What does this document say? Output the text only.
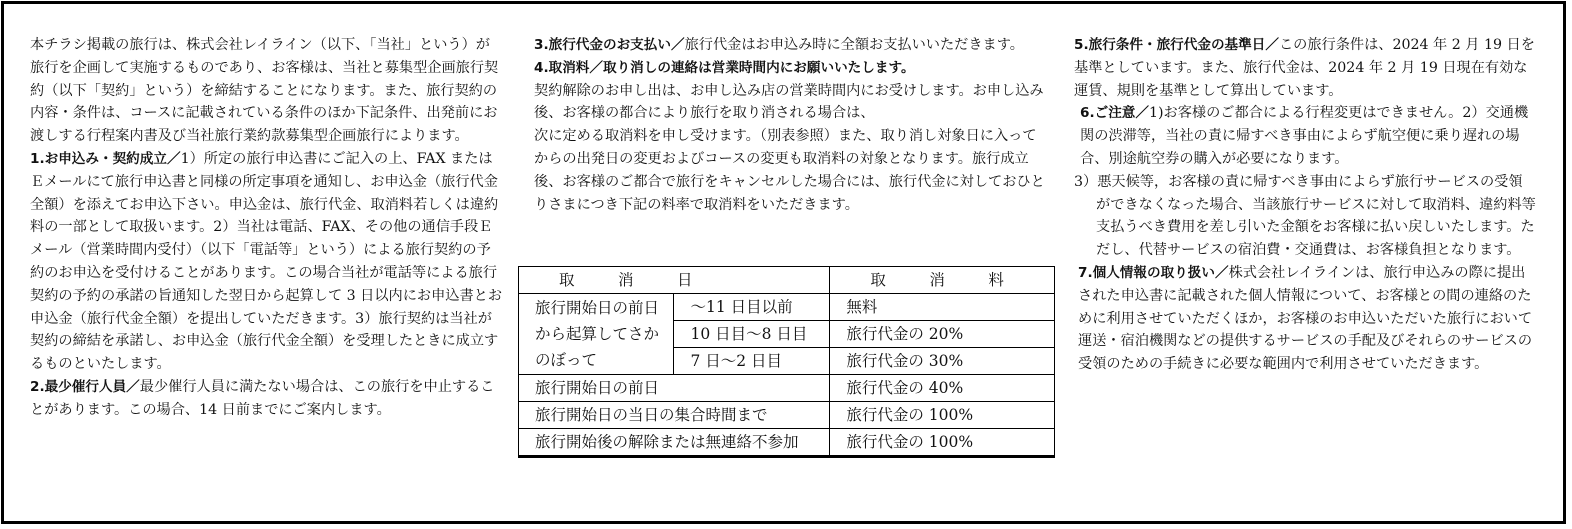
本チラシ掲載の旅行は、株式会社レイライン（以下、「当社」という）が旅行を企画して実施するものであり、お客様は、当社と募集型企画旅行契約（以下「契約」という）を締結することになります。また、旅行契約の内容・条件は、コースに記載されている条件のほか下記条件、出発前にお渡しする行程案内書及び当社旅行業約款募集型企画旅行によります。

1.お申込み・契約成立／1）所定の旅行申込書にご記入の上、FAX またはＥメールにて旅行申込書と同様の所定事項を通知し、お申込金（旅行代金全額）を添えてお申込下さい。申込金は、旅行代金、取消料若しくは違約料の一部として取扱います。2）当社は電話、FAX、その他の通信手段Ｅメール（営業時間内受付）（以下「電話等」という）による旅行契約の予約のお申込を受付けることがあります。この場合当社が電話等による旅行契約の予約の承諾の旨通知した翌日から起算して 3 日以内にお申込書とお申込金（旅行代金全額）を提出していただきます。3）旅行契約は当社が契約の締結を承諾し、お申込金（旅行代金全額）を受理したときに成立するものといたします。

2.最少催行人員／最少催行人員に満たない場合は、この旅行を中止することがあります。この場合、14 日前までにご案内します。

3.旅行代金のお支払い／旅行代金はお申込み時に全額お支払いいただきます。

4.取消料／取り消しの連絡は営業時間内にお願いいたします。

契約解除のお申し出は、お申し込み店の営業時間内にお受けします。お申し込み後、お客様の都合により旅行を取り消される場合は、

次に定める取消料を申し受けます。（別表参照）また、取り消し対象日に入ってからの出発日の変更およびコースの変更も取消料の対象となります。旅行成立後、お客様のご都合で旅行をキャンセルした場合には、旅行代金に対しておひとりさまにつき下記の料率で取消料をいただきます。

取　消　日		取　消　料
旅行開始日の前日から起算してさかのぼって	～11 日目以前	無料
	10 日目～8 日目	旅行代金の 20%
	7 日～2 日目	旅行代金の 30%
旅行開始日の前日		旅行代金の 40%
旅行開始日の当日の集合時間まで		旅行代金の 100%
旅行開始後の解除または無連絡不参加		旅行代金の 100%

5.旅行条件・旅行代金の基準日／この旅行条件は、2024 年 2 月 19 日を基準としています。また、旅行代金は、2024 年 2 月 19 日現在有効な運賃、規則を基準として算出しています。

6.ご注意／1)お客様のご都合による行程変更はできません。2）交通機関の渋滞等，当社の責に帰すべき事由によらず航空便に乗り遅れの場合、別途航空券の購入が必要になります。

3）悪天候等，お客様の責に帰すべき事由によらず旅行サービスの受領ができなくなった場合、当該旅行サービスに対して取消料、違約料等支払うべき費用を差し引いた金額をお客様に払い戻しいたします。ただし、代替サービスの宿泊費・交通費は、お客様負担となります。

7.個人情報の取り扱い／株式会社レイラインは、旅行申込みの際に提出された申込書に記載された個人情報について、お客様との間の連絡のために利用させていただくほか，お客様のお申込いただいた旅行において運送・宿泊機関などの提供するサービスの手配及びそれらのサービスの受領のための手続きに必要な範囲内で利用させていただきます。
